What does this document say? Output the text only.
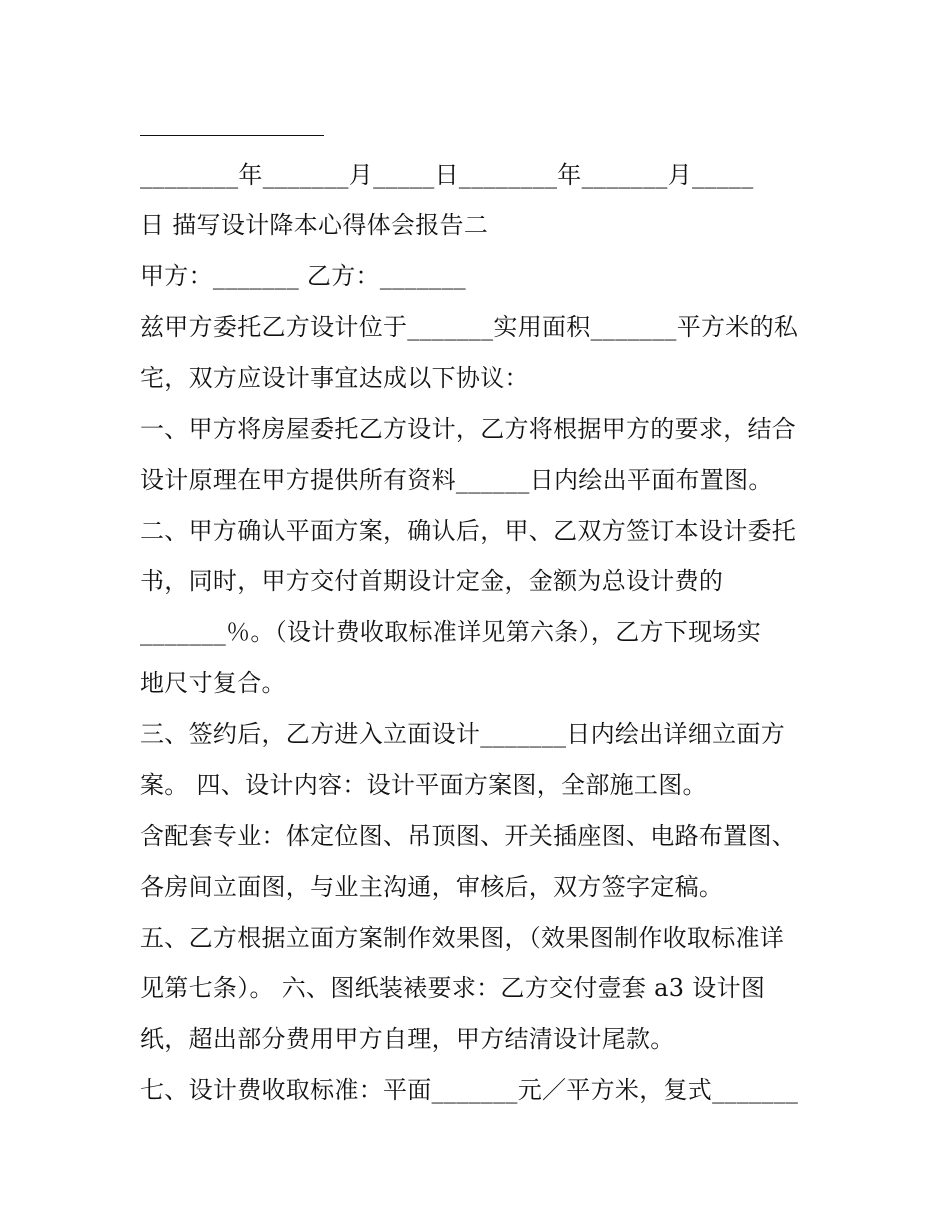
________年_______月_____日________年_______月_____
日 描写设计降本心得体会报告二
甲方：_______ 乙方：_______
兹甲方委托乙方设计位于_______实用面积_______平方米的私
宅，双方应设计事宜达成以下协议：
一、甲方将房屋委托乙方设计，乙方将根据甲方的要求，结合
设计原理在甲方提供所有资料______日内绘出平面布置图。
二、甲方确认平面方案，确认后，甲、乙双方签订本设计委托
书，同时，甲方交付首期设计定金，金额为总设计费的
_______％。（设计费收取标准详见第六条），乙方下现场实
地尺寸复合。
三、签约后，乙方进入立面设计_______日内绘出详细立面方
案。 四、设计内容：设计平面方案图，全部施工图。
含配套专业：体定位图、吊顶图、开关插座图、电路布置图、
各房间立面图，与业主沟通，审核后，双方签字定稿。
五、乙方根据立面方案制作效果图，（效果图制作收取标准详
见第七条）。 六、图纸装裱要求：乙方交付壹套 a3 设计图
纸，超出部分费用甲方自理，甲方结清设计尾款。
七、设计费收取标准：平面_______元／平方米，复式_______
